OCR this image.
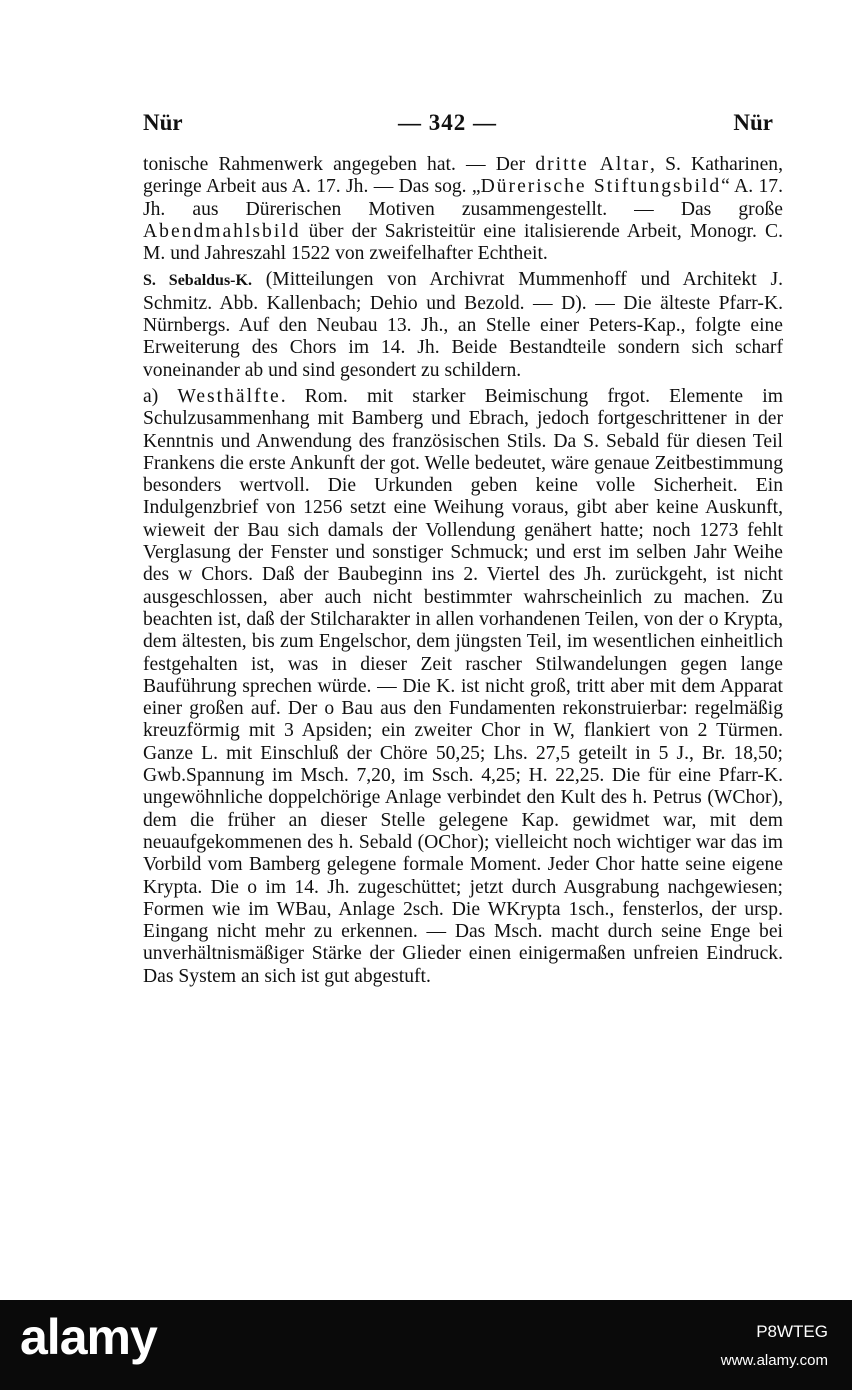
Nür	— 342 —	Nür

tonische Rahmenwerk angegeben hat. — Der dritte Altar, S. Katharinen, geringe Arbeit aus A. 17. Jh. — Das sog. „Dürerische Stiftungsbild“ A. 17. Jh. aus Dürerischen Motiven zusammengestellt. — Das große Abendmahlsbild über der Sakristeitür eine italisierende Arbeit, Monogr. C. M. und Jahreszahl 1522 von zweifelhafter Echtheit.

S. Sebaldus-K. (Mitteilungen von Archivrat Mummenhoff und Architekt J. Schmitz. Abb. Kallenbach; Dehio und Bezold. — D). — Die älteste Pfarr-K. Nürnbergs. Auf den Neubau 13. Jh., an Stelle einer Peters-Kap., folgte eine Erweiterung des Chors im 14. Jh. Beide Bestandteile sondern sich scharf voneinander ab und sind gesondert zu schildern.

a) Westhälfte. Rom. mit starker Beimischung frgot. Elemente im Schulzusammenhang mit Bamberg und Ebrach, jedoch fortgeschrittener in der Kenntnis und Anwendung des französischen Stils. Da S. Sebald für diesen Teil Frankens die erste Ankunft der got. Welle bedeutet, wäre genaue Zeitbestimmung besonders wertvoll. Die Urkunden geben keine volle Sicherheit. Ein Indulgenzbrief von 1256 setzt eine Weihung voraus, gibt aber keine Auskunft, wieweit der Bau sich damals der Vollendung genähert hatte; noch 1273 fehlt Verglasung der Fenster und sonstiger Schmuck; und erst im selben Jahr Weihe des w Chors. Daß der Baubeginn ins 2. Viertel des Jh. zurückgeht, ist nicht ausgeschlossen, aber auch nicht bestimmter wahrscheinlich zu machen. Zu beachten ist, daß der Stilcharakter in allen vorhandenen Teilen, von der o Krypta, dem ältesten, bis zum Engelschor, dem jüngsten Teil, im wesentlichen einheitlich festgehalten ist, was in dieser Zeit rascher Stilwandelungen gegen lange Bauführung sprechen würde. — Die K. ist nicht groß, tritt aber mit dem Apparat einer großen auf. Der o Bau aus den Fundamenten rekonstruierbar: regelmäßig kreuzförmig mit 3 Apsiden; ein zweiter Chor in W, flankiert von 2 Türmen. Ganze L. mit Einschluß der Chöre 50,25; Lhs. 27,5 geteilt in 5 J., Br. 18,50; Gwb.Spannung im Msch. 7,20, im Ssch. 4,25; H. 22,25. Die für eine Pfarr-K. ungewöhnliche doppelchörige Anlage verbindet den Kult des h. Petrus (WChor), dem die früher an dieser Stelle gelegene Kap. gewidmet war, mit dem neuaufgekommenen des h. Sebald (OChor); vielleicht noch wichtiger war das im Vorbild vom Bamberg gelegene formale Moment. Jeder Chor hatte seine eigene Krypta. Die o im 14. Jh. zugeschüttet; jetzt durch Ausgrabung nachgewiesen; Formen wie im WBau, Anlage 2sch. Die WKrypta 1sch., fensterlos, der ursp. Eingang nicht mehr zu erkennen. — Das Msch. macht durch seine Enge bei unverhältnismäßiger Stärke der Glieder einen einigermaßen unfreien Eindruck. Das System an sich ist gut abgestuft.

alamy	P8WTEG
www.alamy.com
